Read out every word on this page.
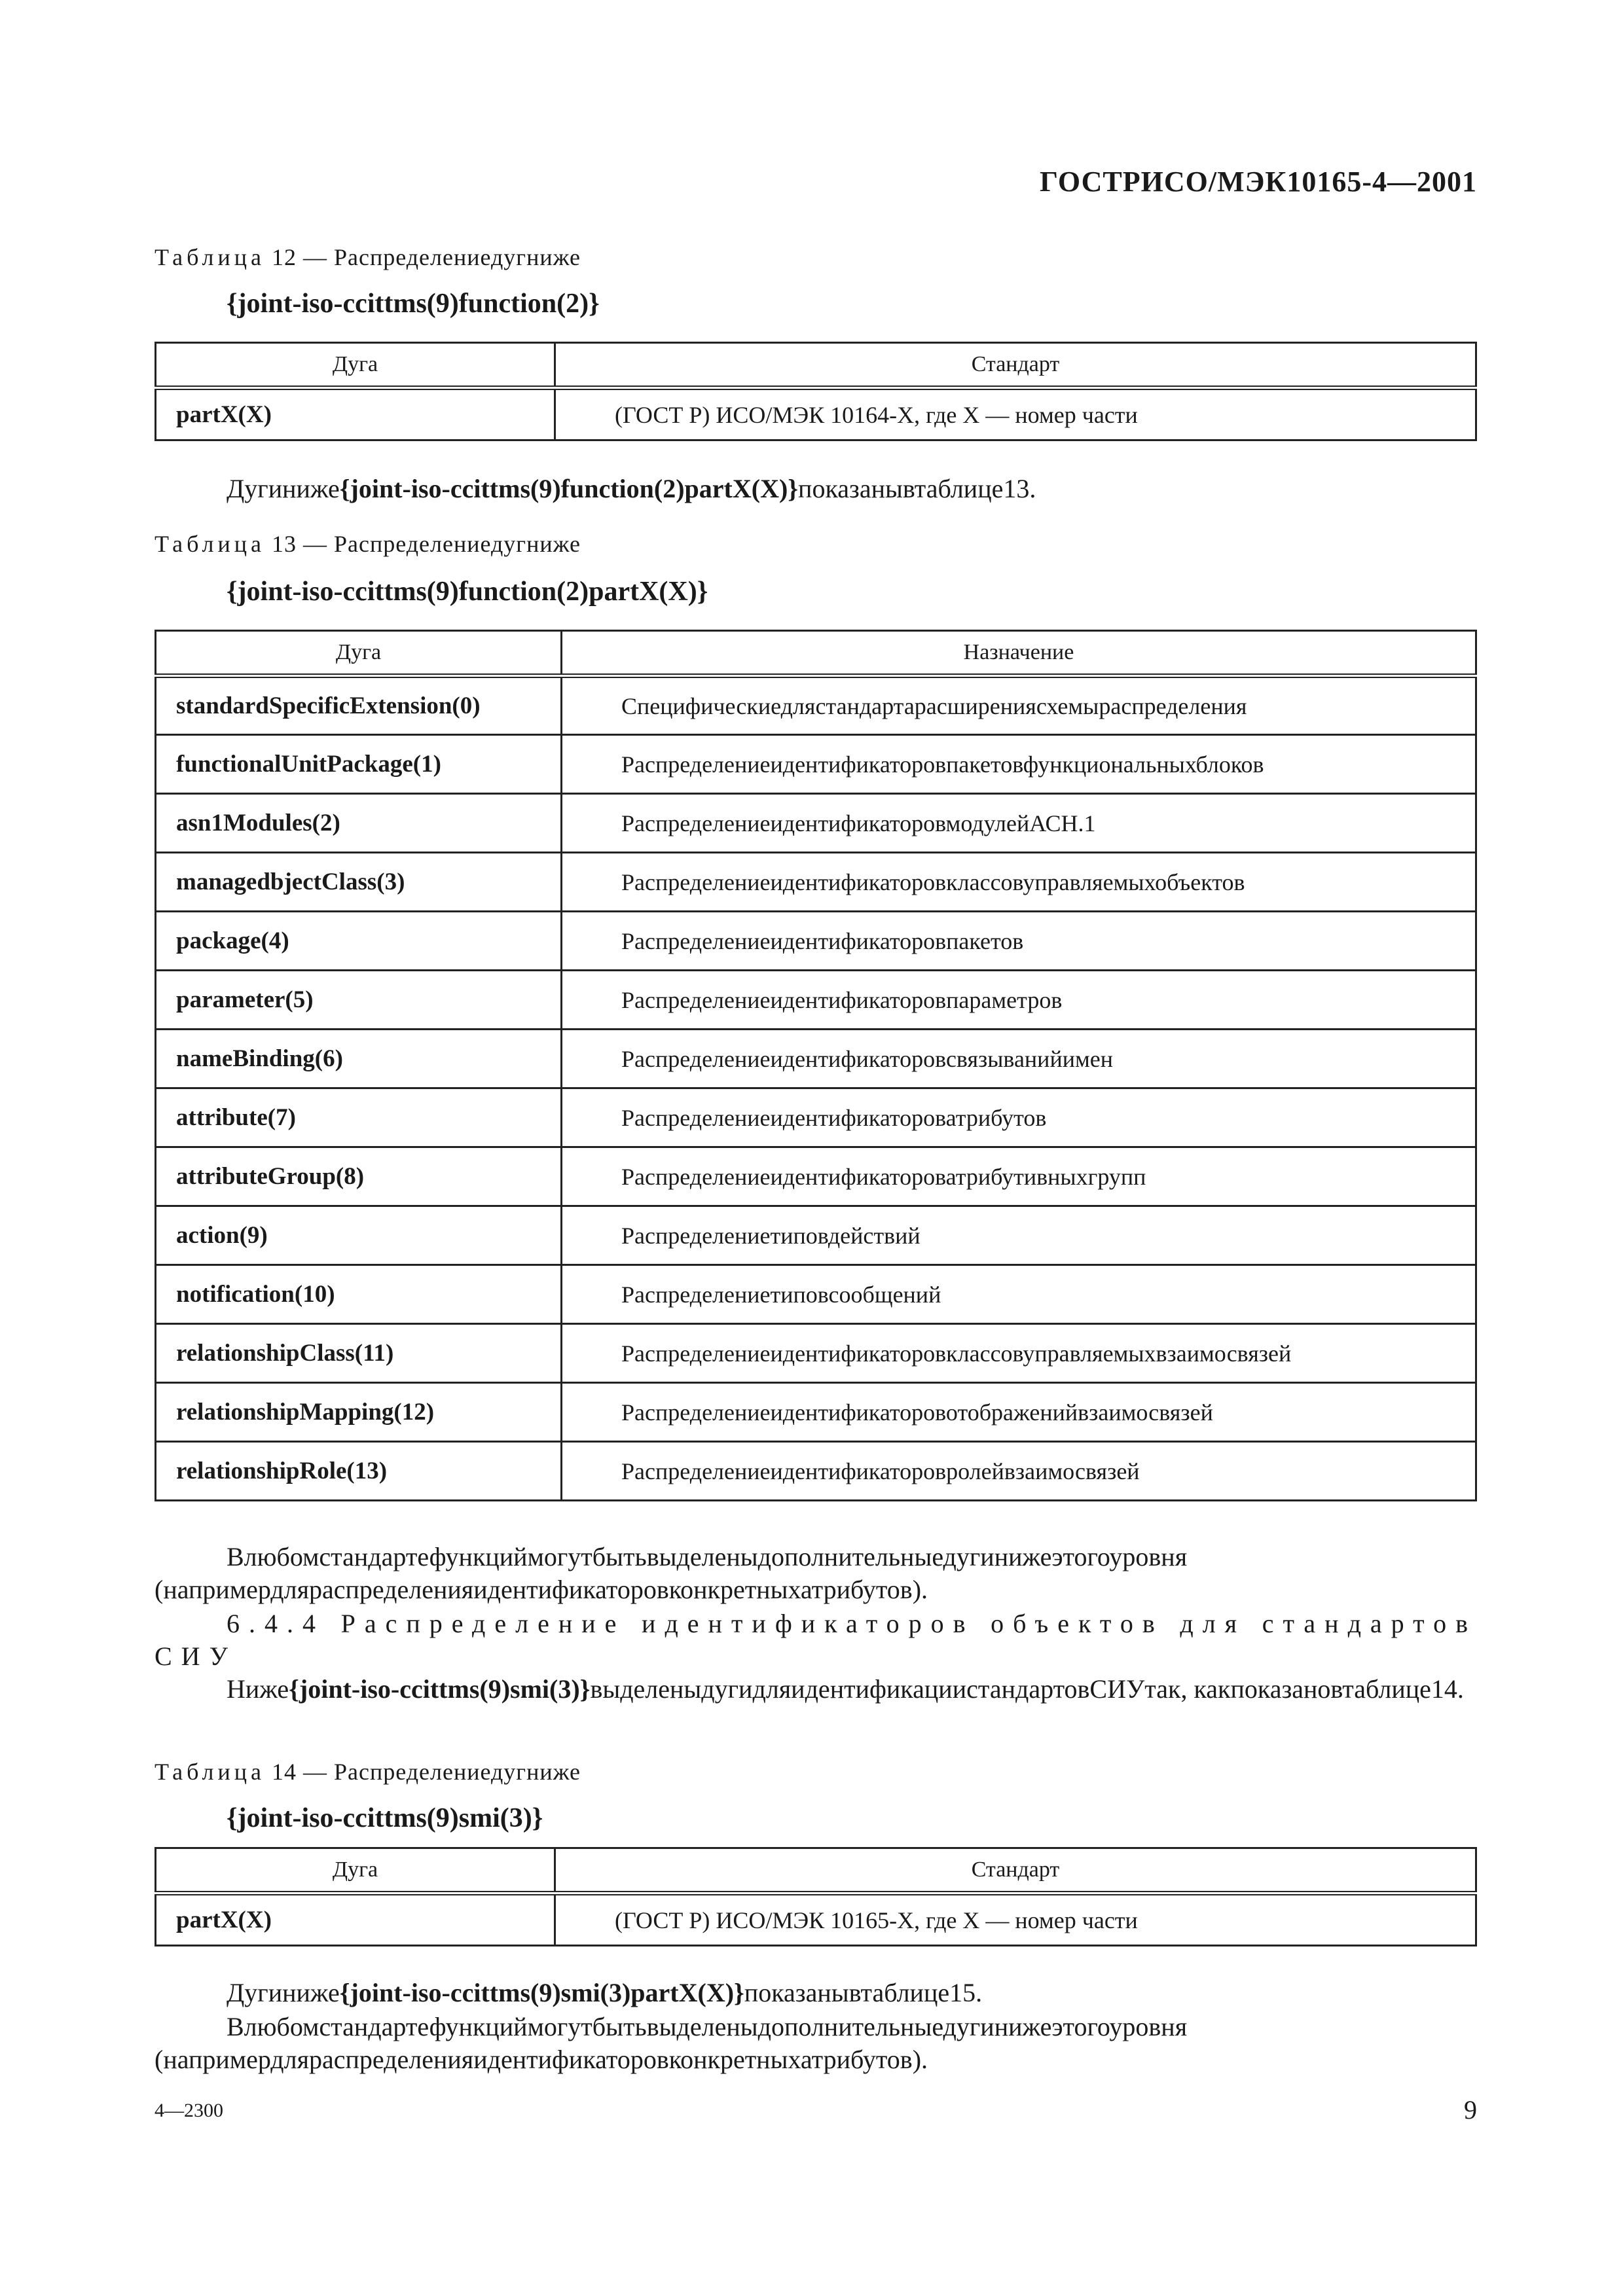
ГОСТРИСО/МЭК10165-4—2001
Таблица 12 — Распределениедугниже
{joint-iso-ccittms(9)function(2)}
Дуга	Стандарт
partX(X)	(ГОСТ Р) ИСО/МЭК 10164-X, где X — номер части
Дугиниже{joint-iso-ccittms(9)function(2)partX(X)}показанывтаблице13.
Таблица 13 — Распределениедугниже
{joint-iso-ccittms(9)function(2)partX(X)}
Дуга	Назначение
standardSpecificExtension(0)	Специфическиедлястандартарасширениясхемыраспределения
functionalUnitPackage(1)	Распределениеидентификаторовпакетовфункциональныхблоков
asn1Modules(2)	РаспределениеидентификаторовмодулейАСН.1
managedbjectClass(3)	Распределениеидентификаторовклассовуправляемыхобъектов
package(4)	Распределениеидентификаторовпакетов
parameter(5)	Распределениеидентификаторовпараметров
nameBinding(6)	Распределениеидентификаторовсвязыванийимен
attribute(7)	Распределениеидентификатороватрибутов
attributeGroup(8)	Распределениеидентификатороватрибутивныхгрупп
action(9)	Распределениетиповдействий
notification(10)	Распределениетиповсообщений
relationshipClass(11)	Распределениеидентификаторовклассовуправляемыхвзаимосвязей
relationshipMapping(12)	Распределениеидентификаторовотображенийвзаимосвязей
relationshipRole(13)	Распределениеидентификаторовролейвзаимосвязей
Влюбомстандартефункциймогутбытьвыделеныдополнительныедугинижеэтогоуровня (напримердляраспределенияидентификаторовконкретныхатрибутов).
6.4.4 Распределение идентификаторов объектов для стандартов СИУ
Ниже{joint-iso-ccittms(9)smi(3)}выделеныдугидляидентификациистандартовСИУтак, какпоказановтаблице14.
Таблица 14 — Распределениедугниже
{joint-iso-ccittms(9)smi(3)}
Дуга	Стандарт
partX(X)	(ГОСТ Р) ИСО/МЭК 10165-X, где X — номер части
Дугиниже{joint-iso-ccittms(9)smi(3)partX(X)}показанывтаблице15.
Влюбомстандартефункциймогутбытьвыделеныдополнительныедугинижеэтогоуровня (напримердляраспределенияидентификаторовконкретныхатрибутов).
4—2300	9
